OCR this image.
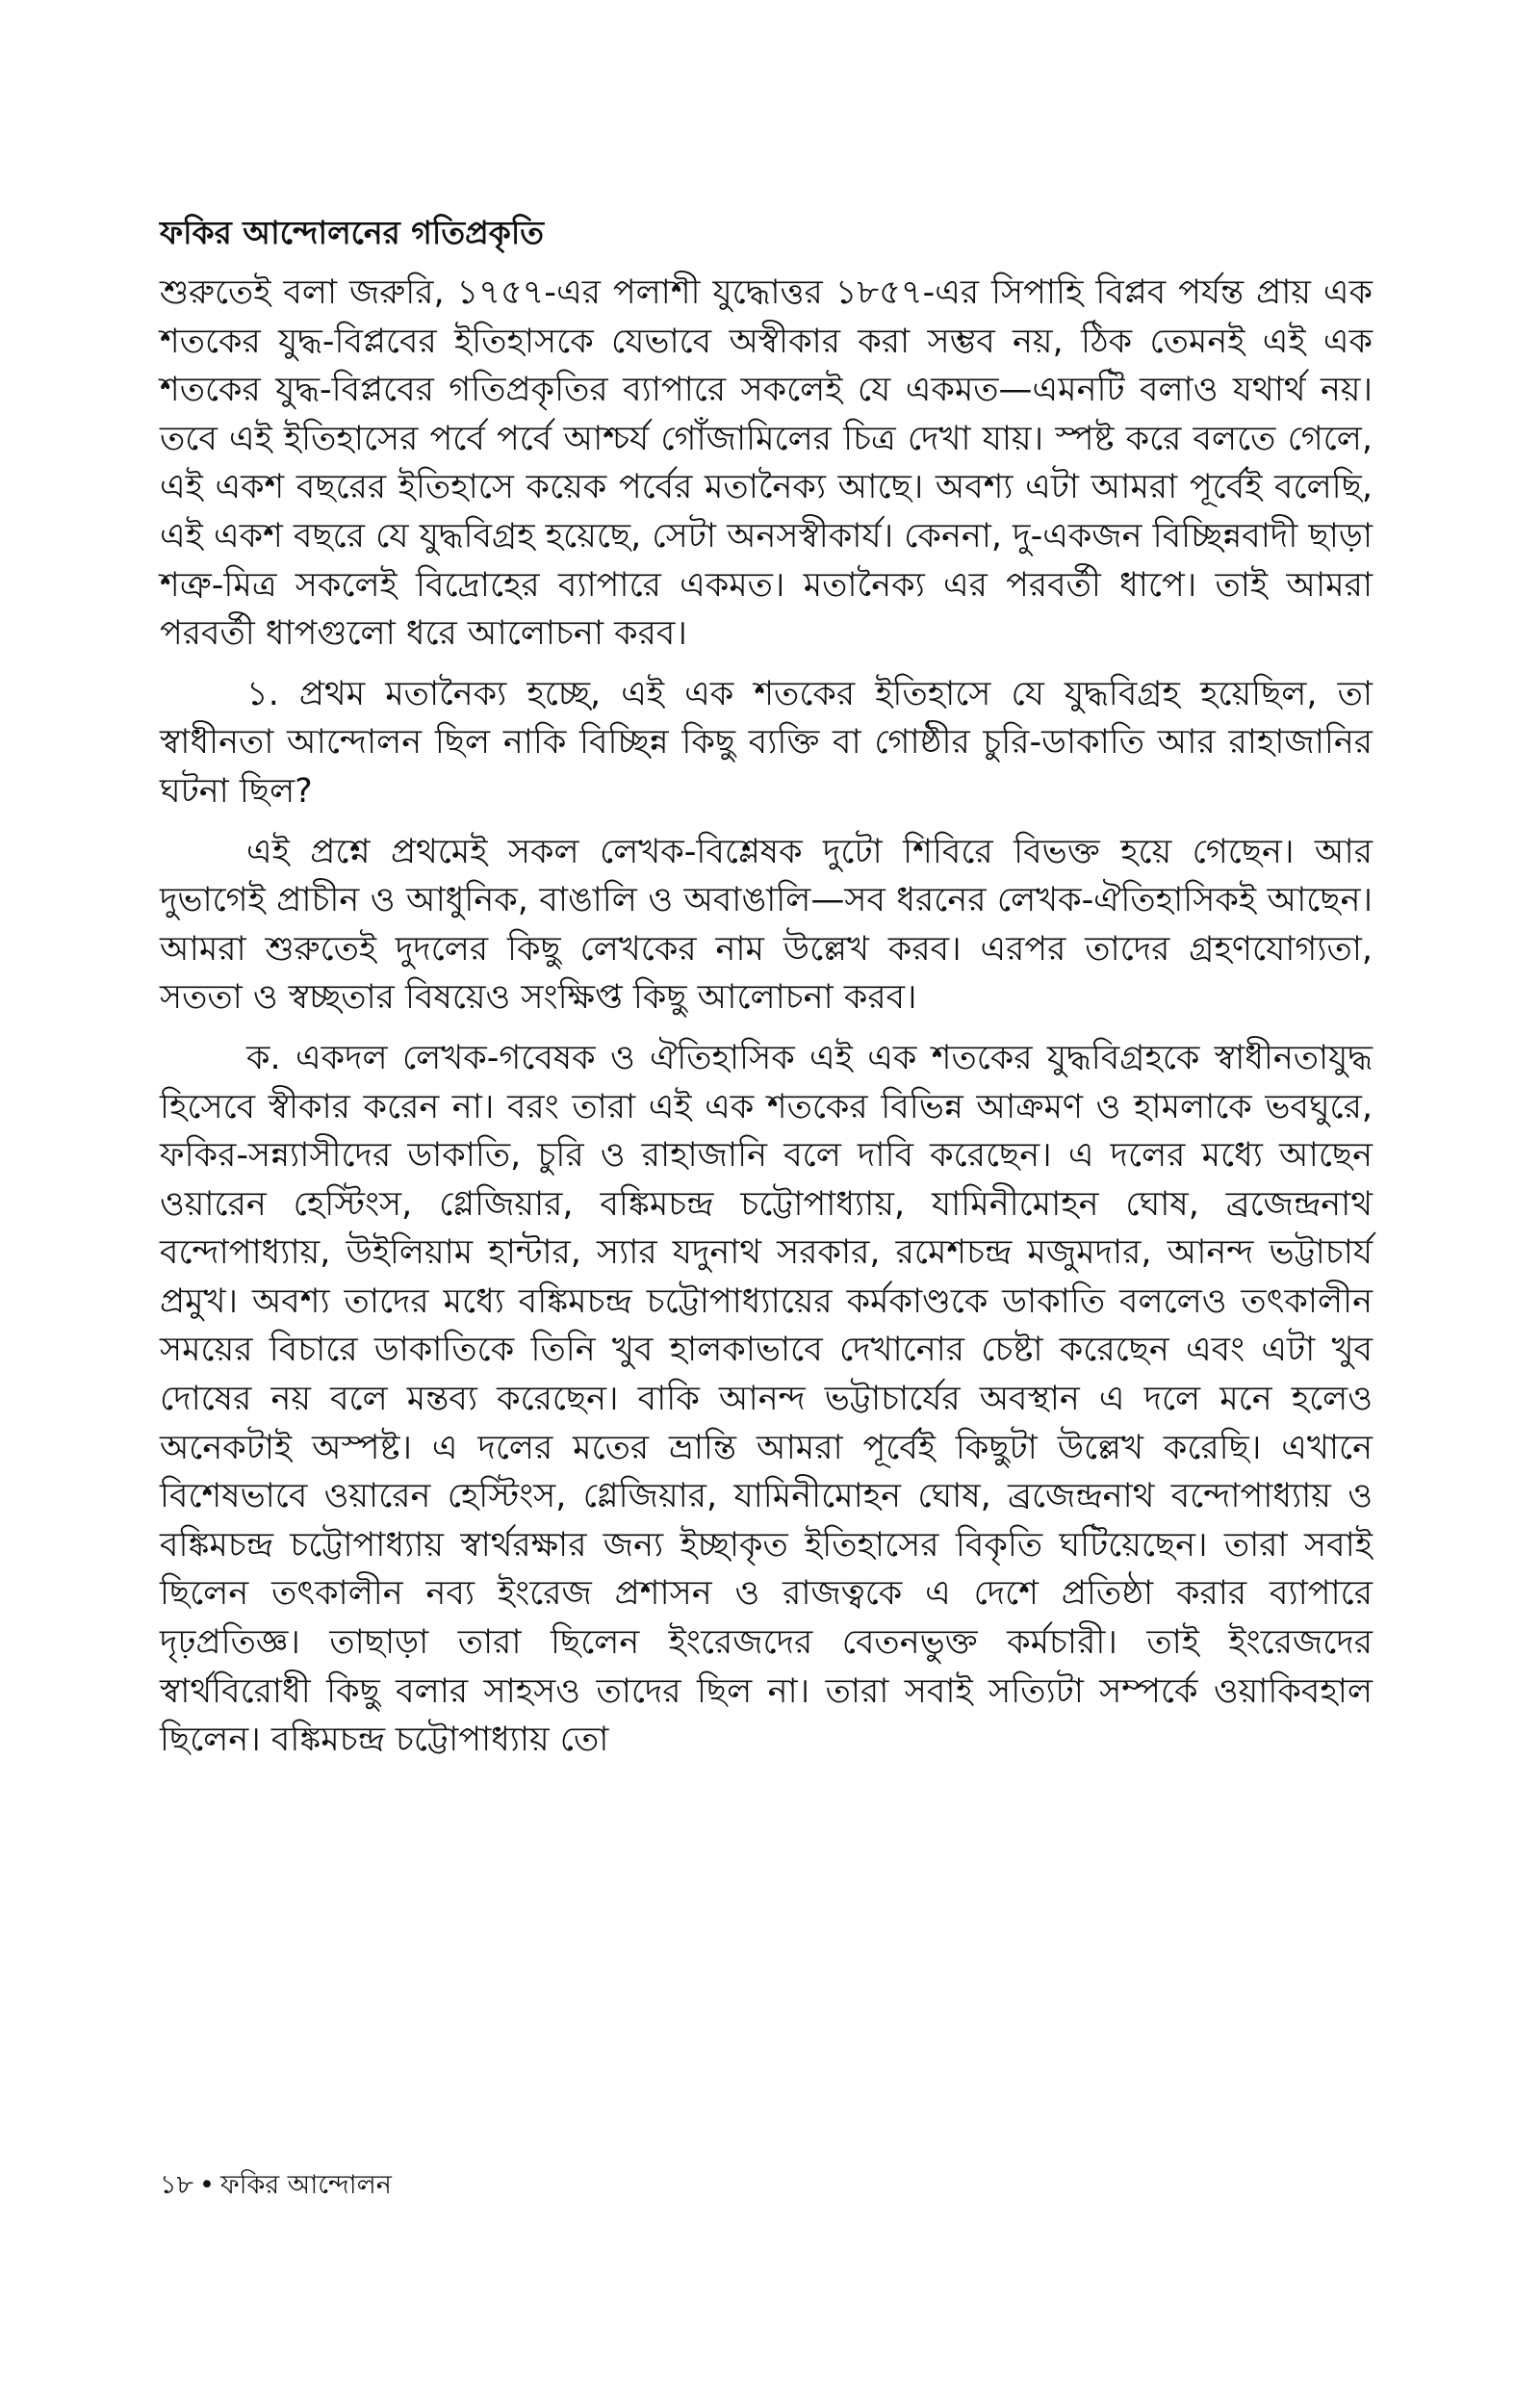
ফকির আন্দোলনের গতিপ্রকৃতি

শুরুতেই বলা জরুরি, ১৭৫৭-এর পলাশী যুদ্ধোত্তর ১৮৫৭-এর সিপাহি বিপ্লব পর্যন্ত প্রায় এক শতকের যুদ্ধ-বিপ্লবের ইতিহাসকে যেভাবে অস্বীকার করা সম্ভব নয়, ঠিক তেমনই এই এক শতকের যুদ্ধ-বিপ্লবের গতিপ্রকৃতির ব্যাপারে সকলেই যে একমত—এমনটি বলাও যথার্থ নয়। তবে এই ইতিহাসের পর্বে পর্বে আশ্চর্য গোঁজামিলের চিত্র দেখা যায়। স্পষ্ট করে বলতে গেলে, এই একশ বছরের ইতিহাসে কয়েক পর্বের মতানৈক্য আছে। অবশ্য এটা আমরা পূর্বেই বলেছি, এই একশ বছরে যে যুদ্ধবিগ্রহ হয়েছে, সেটা অনসস্বীকার্য। কেননা, দু-একজন বিচ্ছিন্নবাদী ছাড়া শত্রু-মিত্র সকলেই বিদ্রোহের ব্যাপারে একমত। মতানৈক্য এর পরবর্তী ধাপে। তাই আমরা পরবর্তী ধাপগুলো ধরে আলোচনা করব।

১. প্রথম মতানৈক্য হচ্ছে, এই এক শতকের ইতিহাসে যে যুদ্ধবিগ্রহ হয়েছিল, তা স্বাধীনতা আন্দোলন ছিল নাকি বিচ্ছিন্ন কিছু ব্যক্তি বা গোষ্ঠীর চুরি-ডাকাতি আর রাহাজানির ঘটনা ছিল?

এই প্রশ্নে প্রথমেই সকল লেখক-বিশ্লেষক দুটো শিবিরে বিভক্ত হয়ে গেছেন। আর দুভাগেই প্রাচীন ও আধুনিক, বাঙালি ও অবাঙালি—সব ধরনের লেখক-ঐতিহাসিকই আছেন। আমরা শুরুতেই দুদলের কিছু লেখকের নাম উল্লেখ করব। এরপর তাদের গ্রহণযোগ্যতা, সততা ও স্বচ্ছতার বিষয়েও সংক্ষিপ্ত কিছু আলোচনা করব।

ক. একদল লেখক-গবেষক ও ঐতিহাসিক এই এক শতকের যুদ্ধবিগ্রহকে স্বাধীনতাযুদ্ধ হিসেবে স্বীকার করেন না। বরং তারা এই এক শতকের বিভিন্ন আক্রমণ ও হামলাকে ভবঘুরে, ফকির-সন্ন্যাসীদের ডাকাতি, চুরি ও রাহাজানি বলে দাবি করেছেন। এ দলের মধ্যে আছেন ওয়ারেন হেস্টিংস, গ্লেজিয়ার, বঙ্কিমচন্দ্র চট্টোপাধ্যায়, যামিনীমোহন ঘোষ, ব্রজেন্দ্রনাথ বন্দোপাধ্যায়, উইলিয়াম হান্টার, স্যার যদুনাথ সরকার, রমেশচন্দ্র মজুমদার, আনন্দ ভট্টাচার্য প্রমুখ। অবশ্য তাদের মধ্যে বঙ্কিমচন্দ্র চট্টোপাধ্যায়ের কর্মকাণ্ডকে ডাকাতি বললেও তৎকালীন সময়ের বিচারে ডাকাতিকে তিনি খুব হালকাভাবে দেখানোর চেষ্টা করেছেন এবং এটা খুব দোষের নয় বলে মন্তব্য করেছেন। বাকি আনন্দ ভট্টাচার্যের অবস্থান এ দলে মনে হলেও অনেকটাই অস্পষ্ট। এ দলের মতের ভ্রান্তি আমরা পূর্বেই কিছুটা উল্লেখ করেছি। এখানে বিশেষভাবে ওয়ারেন হেস্টিংস, গ্লেজিয়ার, যামিনীমোহন ঘোষ, ব্রজেন্দ্রনাথ বন্দোপাধ্যায় ও বঙ্কিমচন্দ্র চট্টোপাধ্যায় স্বার্থরক্ষার জন্য ইচ্ছাকৃত ইতিহাসের বিকৃতি ঘটিয়েছেন। তারা সবাই ছিলেন তৎকালীন নব্য ইংরেজ প্রশাসন ও রাজত্বকে এ দেশে প্রতিষ্ঠা করার ব্যাপারে দৃঢ়প্রতিজ্ঞ। তাছাড়া তারা ছিলেন ইংরেজদের বেতনভুক্ত কর্মচারী। তাই ইংরেজদের স্বার্থবিরোধী কিছু বলার সাহসও তাদের ছিল না। তারা সবাই সত্যিটা সম্পর্কে ওয়াকিবহাল ছিলেন। বঙ্কিমচন্দ্র চট্টোপাধ্যায় তো

১৮ • ফকির আন্দোলন
